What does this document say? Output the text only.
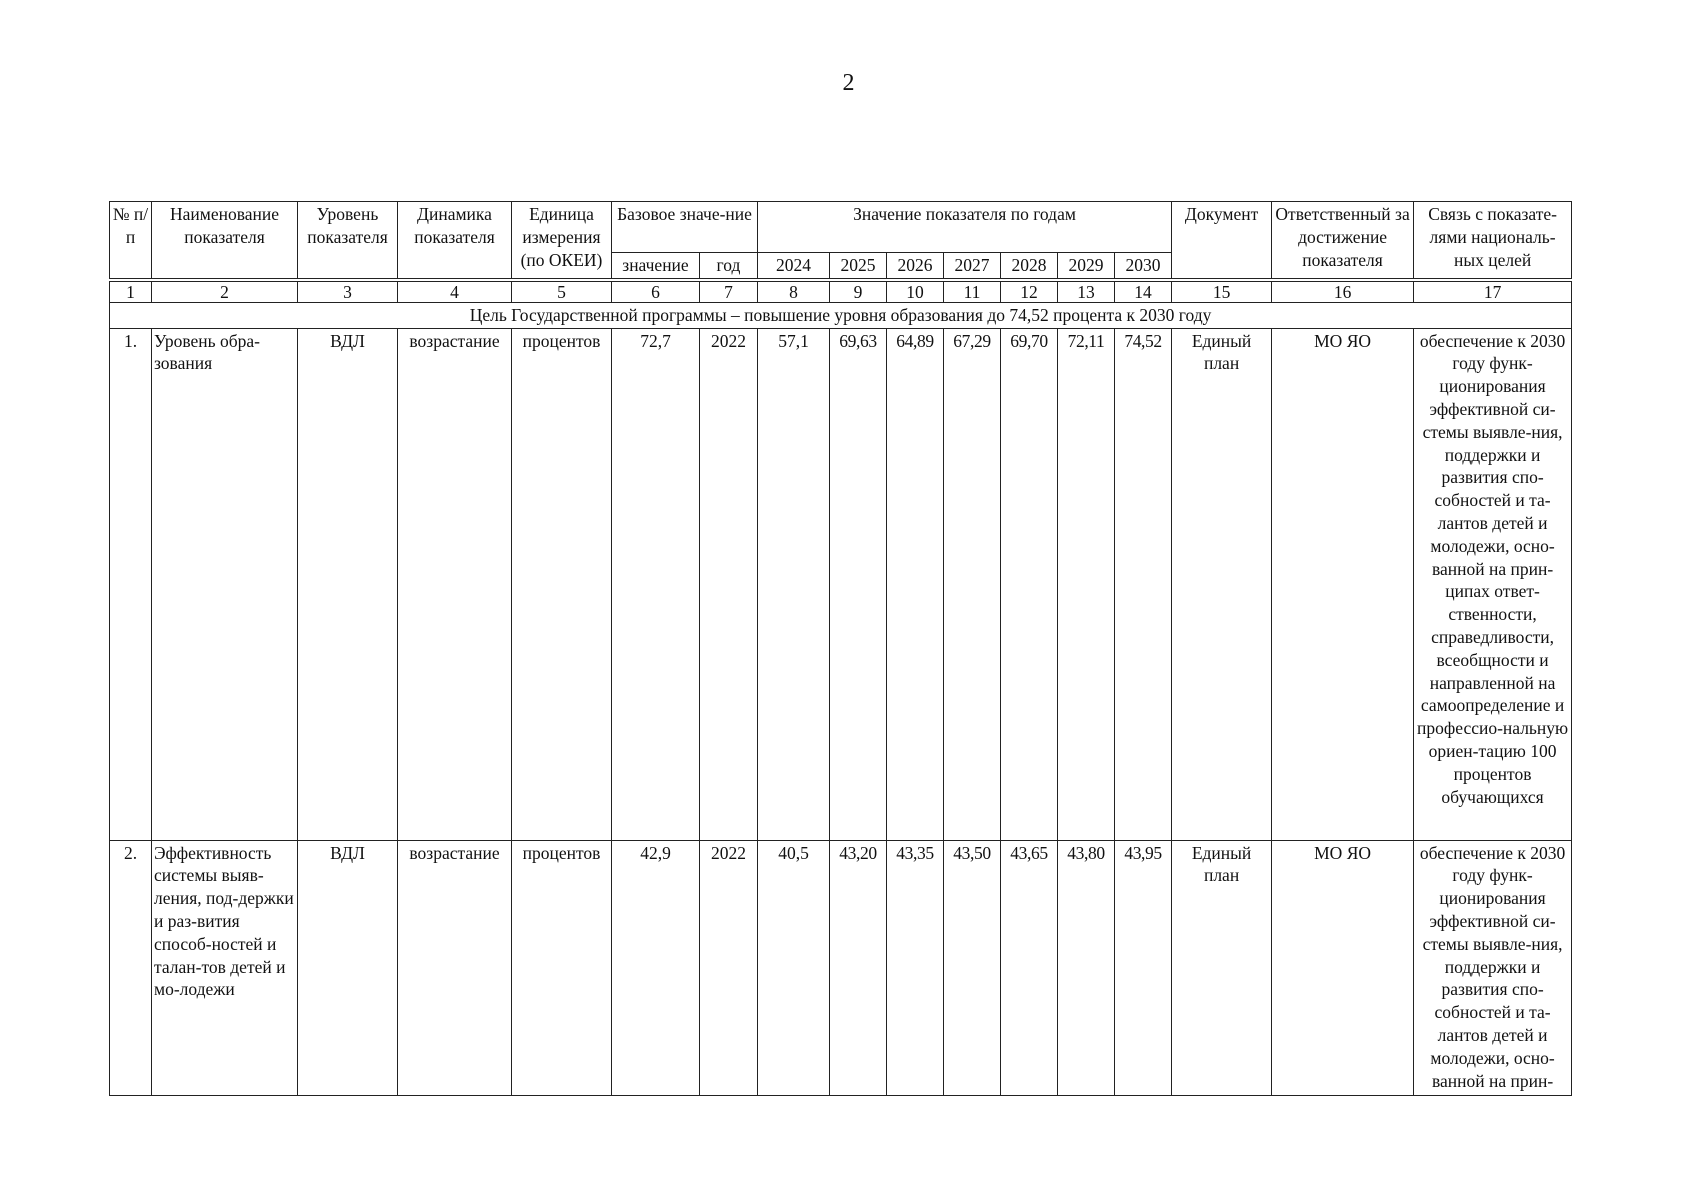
2
№ п/п	Наименование показателя	Уровень показателя	Динамика показателя	Единица измерения (по ОКЕИ)	Базовое значе-ние		Значение показателя по годам							Документ	Ответственный за достижение показателя	Связь с показате-лями националь-ных целей
					значение	год	2024	2025	2026	2027	2028	2029	2030			

1	2	3	4	5	6	7	8	9	10	11	12	13	14	15	16	17
Цель Государственной программы – повышение уровня образования до 74,52 процента к 2030 году																
1.	Уровень обра-зования	ВДЛ	возрастание	процентов	72,7	2022	57,1	69,63	64,89	67,29	69,70	72,11	74,52	Единый план	МО ЯО	обеспечение к 2030 году функ-ционирования эффективной си-стемы выявле-ния, поддержки и развития спо-собностей и та-лантов детей и молодежи, осно-ванной на прин-ципах ответ-ственности, справедливости, всеобщности и направленной на самоопределение и профессио-нальную ориен-тацию 100 процентов обучающихся
2.	Эффективность системы выяв-ления, под-держки и раз-вития способ-ностей и талан-тов детей и мо-лодежи	ВДЛ	возрастание	процентов	42,9	2022	40,5	43,20	43,35	43,50	43,65	43,80	43,95	Единый план	МО ЯО	обеспечение к 2030 году функ-ционирования эффективной си-стемы выявле-ния, поддержки и развития спо-собностей и та-лантов детей и молодежи, осно-ванной на прин-
